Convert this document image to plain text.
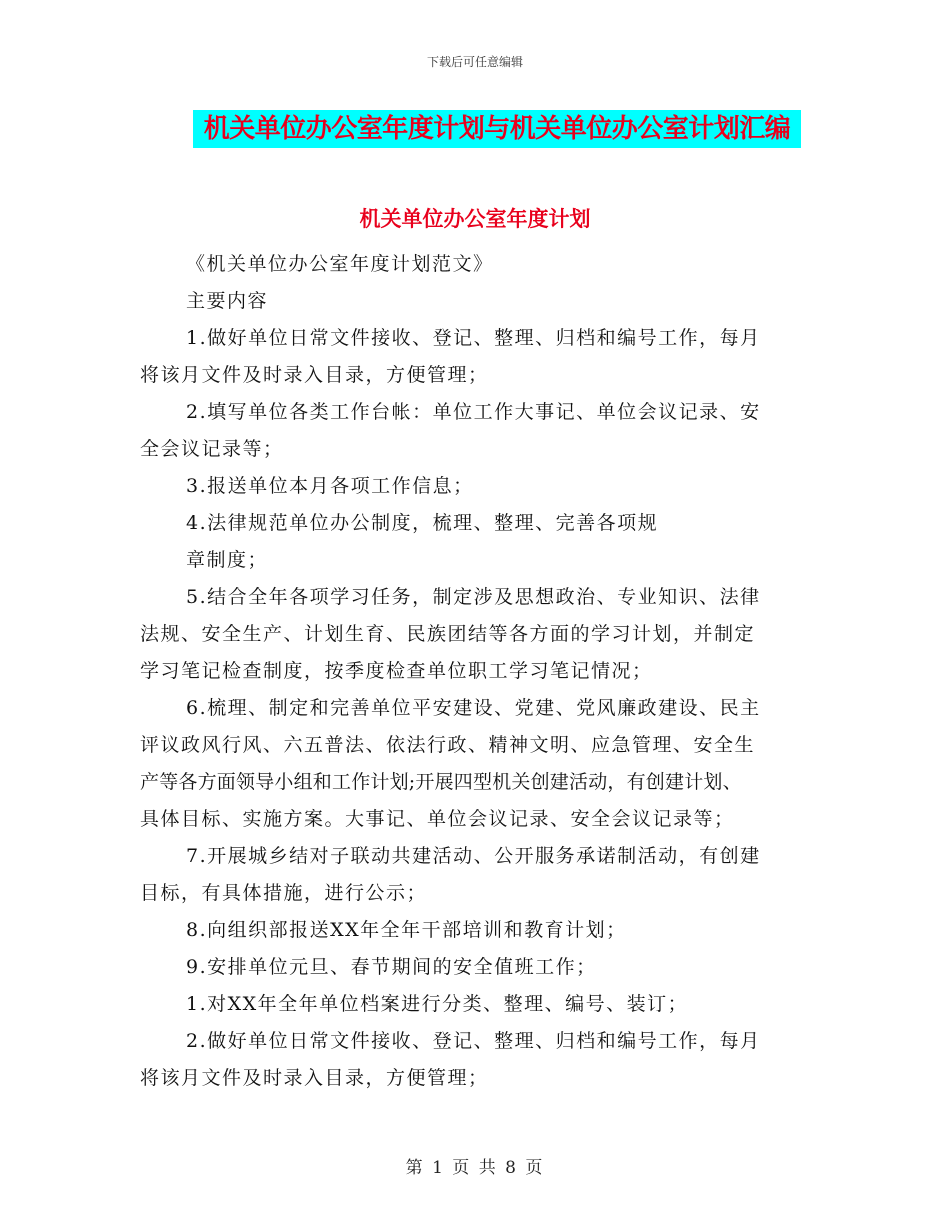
下载后可任意编辑
机关单位办公室年度计划与机关单位办公室计划汇编
机关单位办公室年度计划
《机关单位办公室年度计划范文》
主要内容
1.做好单位日常文件接收、登记、整理、归档和编号工作，每月
将该月文件及时录入目录，方便管理；
2.填写单位各类工作台帐：单位工作大事记、单位会议记录、安
全会议记录等；
3.报送单位本月各项工作信息；
4.法律规范单位办公制度，梳理、整理、完善各项规
章制度；
5.结合全年各项学习任务，制定涉及思想政治、专业知识、法律
法规、安全生产、计划生育、民族团结等各方面的学习计划，并制定
学习笔记检查制度，按季度检查单位职工学习笔记情况；
6.梳理、制定和完善单位平安建设、党建、党风廉政建设、民主
评议政风行风、六五普法、依法行政、精神文明、应急管理、安全生
产等各方面领导小组和工作计划;开展四型机关创建活动，有创建计划、
具体目标、实施方案。大事记、单位会议记录、安全会议记录等；
7.开展城乡结对子联动共建活动、公开服务承诺制活动，有创建
目标，有具体措施，进行公示；
8.向组织部报送XX年全年干部培训和教育计划；
9.安排单位元旦、春节期间的安全值班工作；
1.对XX年全年单位档案进行分类、整理、编号、装订；
2.做好单位日常文件接收、登记、整理、归档和编号工作，每月
将该月文件及时录入目录，方便管理；
第 1 页 共 8 页
